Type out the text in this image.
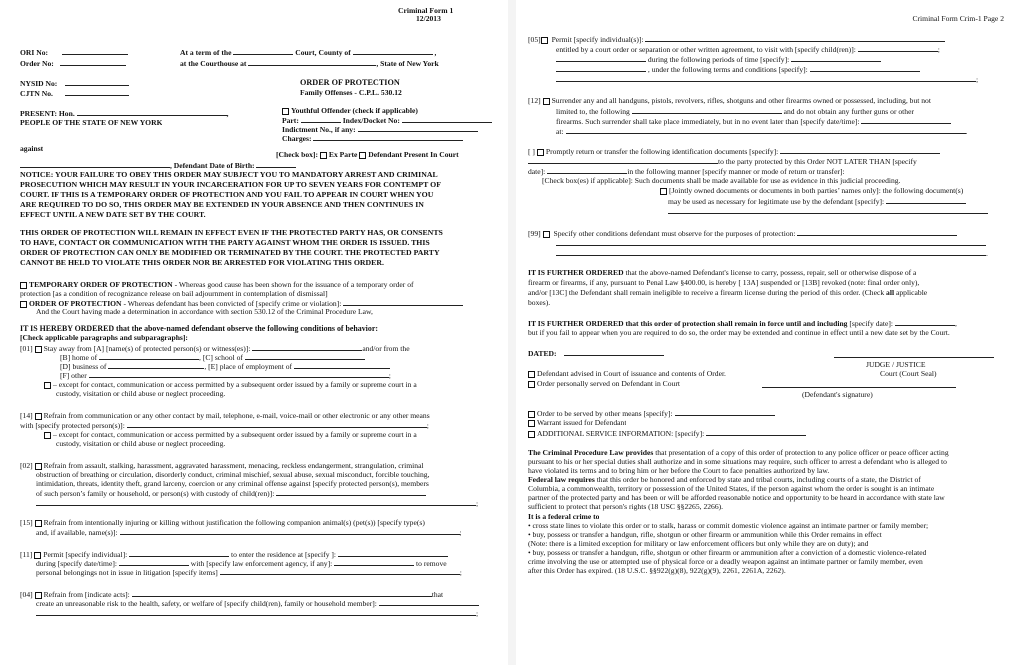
Criminal Form 1
12/2013
ORI No:
Order No:
At a term of the	Court, County of	,
at the Courthouse at	, State of New York
NYSID No:
CJTN No.
ORDER OF PROTECTION
Family Offenses - C.P.L. 530.12
PRESENT: Hon.	,
PEOPLE OF THE STATE OF NEW YORK
Youthful Offender (check if applicable)
Part:	Index/Docket No:
Indictment No., if any:
Charges:
against
[Check box]: Ex Parte Defendant Present In Court
, Defendant Date of Birth:
NOTICE: YOUR FAILURE TO OBEY THIS ORDER MAY SUBJECT YOU TO MANDATORY ARREST AND CRIMINAL
PROSECUTION WHICH MAY RESULT IN YOUR INCARCERATION FOR UP TO SEVEN YEARS FOR CONTEMPT OF
COURT. IF THIS IS A TEMPORARY ORDER OF PROTECTION AND YOU FAIL TO APPEAR IN COURT WHEN YOU
ARE REQUIRED TO DO SO, THIS ORDER MAY BE EXTENDED IN YOUR ABSENCE AND THEN CONTINUES IN
EFFECT UNTIL A NEW DATE SET BY THE COURT.
THIS ORDER OF PROTECTION WILL REMAIN IN EFFECT EVEN IF THE PROTECTED PARTY HAS, OR CONSENTS
TO HAVE, CONTACT OR COMMUNICATION WITH THE PARTY AGAINST WHOM THE ORDER IS ISSUED. THIS
ORDER OF PROTECTION CAN ONLY BE MODIFIED OR TERMINATED BY THE COURT. THE PROTECTED PARTY
CANNOT BE HELD TO VIOLATE THIS ORDER NOR BE ARRESTED FOR VIOLATING THIS ORDER.
TEMPORARY ORDER OF PROTECTION - Whereas good cause has been shown for the issuance of a temporary order of
protection [as a condition of recognizance release on bail adjournment in contemplation of dismissal]
ORDER OF PROTECTION - Whereas defendant has been convicted of [specify crime or violation]:
And the Court having made a determination in accordance with section 530.12 of the Criminal Procedure Law,
IT IS HEREBY ORDERED that the above-named defendant observe the following conditions of behavior:
[Check applicable paragraphs and subparagraphs]:
[01] Stay away from [A] [name(s) of protected person(s) or witness(es)]:	and/or from the
[B] home of	, [C] school of
[D] business of	, [E] place of employment of
[F] other	;
– except for contact, communication or access permitted by a subsequent order issued by a family or supreme court in a
custody, visitation or child abuse or neglect proceeding.
[14] Refrain from communication or any other contact by mail, telephone, e-mail, voice-mail or other electronic or any other means
with [specify protected person(s)]:	;
– except for contact, communication or access permitted by a subsequent order issued by a family or supreme court in a
custody, visitation or child abuse or neglect proceeding.
[02] Refrain from assault, stalking, harassment, aggravated harassment, menacing, reckless endangerment, strangulation, criminal
obstruction of breathing or circulation, disorderly conduct, criminal mischief, sexual abuse, sexual misconduct, forcible touching,
intimidation, threats, identity theft, grand larceny, coercion or any criminal offense against [specify protected person(s), members
of such person’s family or household, or person(s) with custody of child(ren)]:
;
[15] Refrain from intentionally injuring or killing without justification the following companion animal(s) (pet(s)) [specify type(s)
and, if available, name(s)]:	;
[11] Permit [specify individual]:	to enter the residence at [specify ]:
during [specify date/time]:	with [specify law enforcement agency, if any]:	to remove
personal belongings not in issue in litigation [specify items]	;
[04] Refrain from [indicate acts]:	that
create an unreasonable risk to the health, safety, or welfare of [specify child(ren), family or household member]:
;
Criminal Form Crim-1 Page 2
[05] Permit [specify individual(s)]:
entitled by a court order or separation or other written agreement, to visit with [specify child(ren)]:	;
during the following periods of time [specify]:
, under the following terms and conditions [specify]:
;
[12] Surrender any and all handguns, pistols, revolvers, rifles, shotguns and other firearms owned or possessed, including, but not
limited to, the following	and do not obtain any further guns or other
firearms. Such surrender shall take place immediately, but in no event later than [specify date/time]:
at:	.
[ ] Promptly return or transfer the following identification documents [specify]:
to the party protected by this Order NOT LATER THAN [specify
date]:	in the following manner [specify manner or mode of return or transfer]:
[Check box(es) if applicable]: Such documents shall be made available for use as evidence in this judicial proceeding.
[Jointly owned documents or documents in both parties’ names only]: the following document(s)
may be used as necessary for legitimate use by the defendant [specify]:
[99] Specify other conditions defendant must observe for the purposes of protection:
.
IT IS FURTHER ORDERED that the above-named Defendant's license to carry, possess, repair, sell or otherwise dispose of a
firearm or firearms, if any, pursuant to Penal Law §400.00, is hereby [ 13A] suspended or [13B] revoked (note: final order only),
and/or [13C] the Defendant shall remain ineligible to receive a firearm license during the period of this order. (Check all applicable
boxes).
IT IS FURTHER ORDERED that this order of protection shall remain in force until and including [specify date]:	,
but if you fail to appear when you are required to do so, the order may be extended and continue in effect until a new date set by the Court.
DATED:
JUDGE / JUSTICE
Court (Court Seal)
Defendant advised in Court of issuance and contents of Order.
Order personally served on Defendant in Court
(Defendant's signature)
Order to be served by other means [specify]:
Warrant issued for Defendant
ADDITIONAL SERVICE INFORMATION: [specify]:
The Criminal Procedure Law provides that presentation of a copy of this order of protection to any police officer or peace officer acting
pursuant to his or her special duties shall authorize and in some situations may require, such officer to arrest a defendant who is alleged to
have violated its terms and to bring him or her before the Court to face penalties authorized by law.
Federal law requires that this order be honored and enforced by state and tribal courts, including courts of a state, the District of
Columbia, a commonwealth, territory or possession of the United States, if the person against whom the order is sought is an intimate
partner of the protected party and has been or will be afforded reasonable notice and opportunity to be heard in accordance with state law
sufficient to protect that person's rights (18 USC §§2265, 2266).
It is a federal crime to
• cross state lines to violate this order or to stalk, harass or commit domestic violence against an intimate partner or family member;
• buy, possess or transfer a handgun, rifle, shotgun or other firearm or ammunition while this Order remains in effect
(Note: there is a limited exception for military or law enforcement officers but only while they are on duty); and
• buy, possess or transfer a handgun, rifle, shotgun or other firearm or ammunition after a conviction of a domestic violence-related
crime involving the use or attempted use of physical force or a deadly weapon against an intimate partner or family member, even
after this Order has expired. (18 U.S.C. §§922(g)(8), 922(g)(9), 2261, 2261A, 2262).
